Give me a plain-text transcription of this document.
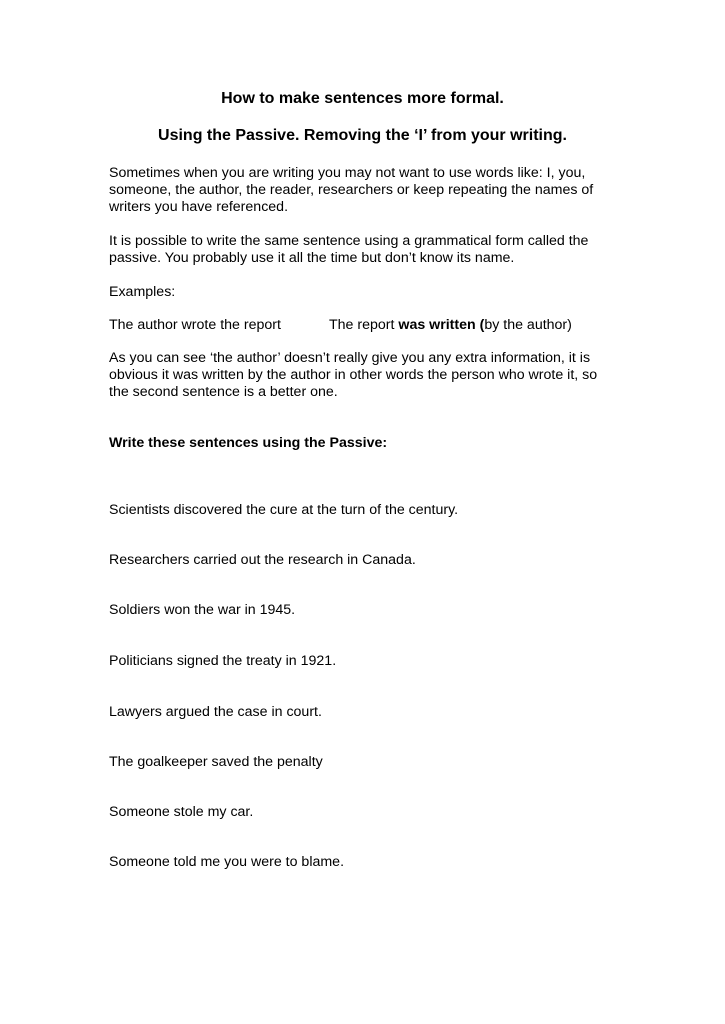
How to make sentences more formal.
Using the Passive. Removing the ‘I’ from your writing.

Sometimes when you are writing you may not want to use words like: I, you,

someone, the author, the reader, researchers or keep repeating the names of

writers you have referenced.

It is possible to write the same sentence using a grammatical form called the

passive. You probably use it all the time but don’t know its name.

Examples:

The author wrote the report	The report was written (by the author)

As you can see ‘the author’ doesn’t really give you any extra information, it is

obvious it was written by the author in other words the person who wrote it, so

the second sentence is a better one.

Write these sentences using the Passive:

Scientists discovered the cure at the turn of the century.

Researchers carried out the research in Canada.

Soldiers won the war in 1945.

Politicians signed the treaty in 1921.

Lawyers argued the case in court.

The goalkeeper saved the penalty

Someone stole my car.

Someone told me you were to blame.
